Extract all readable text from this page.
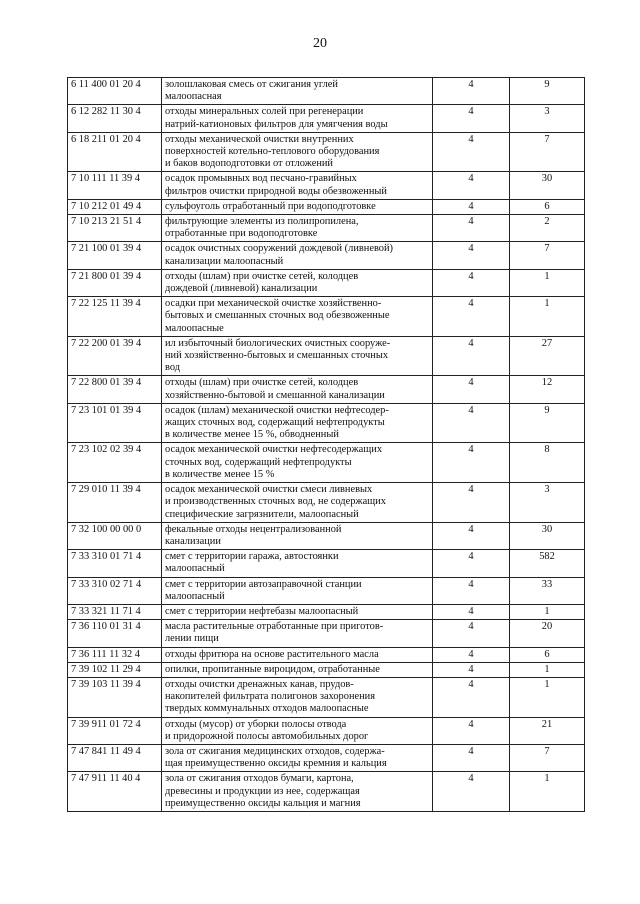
20
6 11 400 01 20 4	золошлаковая смесь от сжигания углей
малоопасная	4	9
6 12 282 11 30 4	отходы минеральных солей при регенерации
натрий-катионовых фильтров для умягчения воды	4	3
6 18 211 01 20 4	отходы механической очистки внутренних
поверхностей котельно-теплового оборудования
и баков водоподготовки от отложений	4	7
7 10 111 11 39 4	осадок промывных вод песчано-гравийных
фильтров очистки природной воды обезвоженный	4	30
7 10 212 01 49 4	сульфоуголь отработанный при водоподготовке	4	6
7 10 213 21 51 4	фильтрующие элементы из полипропилена,
отработанные при водоподготовке	4	2
7 21 100 01 39 4	осадок очистных сооружений дождевой (ливневой)
канализации малоопасный	4	7
7 21 800 01 39 4	отходы (шлам) при очистке сетей, колодцев
дождевой (ливневой) канализации	4	1
7 22 125 11 39 4	осадки при механической очистке хозяйственно-
бытовых и смешанных сточных вод обезвоженные
малоопасные	4	1
7 22 200 01 39 4	ил избыточный биологических очистных сооруже-
ний хозяйственно-бытовых и смешанных сточных
вод	4	27
7 22 800 01 39 4	отходы (шлам) при очистке сетей, колодцев
хозяйственно-бытовой и смешанной канализации	4	12
7 23 101 01 39 4	осадок (шлам) механической очистки нефтесодер-
жащих сточных вод, содержащий нефтепродукты
в количестве менее 15 %, обводненный	4	9
7 23 102 02 39 4	осадок механической очистки нефтесодержащих
сточных вод, содержащий нефтепродукты
в количестве менее 15 %	4	8
7 29 010 11 39 4	осадок механической очистки смеси ливневых
и производственных сточных вод, не содержащих
специфические загрязнители, малоопасный	4	3
7 32 100 00 00 0	фекальные отходы нецентрализованной
канализации	4	30
7 33 310 01 71 4	смет с территории гаража, автостоянки
малоопасный	4	582
7 33 310 02 71 4	смет с территории автозаправочной станции
малоопасный	4	33
7 33 321 11 71 4	смет с территории нефтебазы малоопасный	4	1
7 36 110 01 31 4	масла растительные отработанные при приготов-
лении пищи	4	20
7 36 111 11 32 4	отходы фритюра на основе растительного масла	4	6
7 39 102 11 29 4	опилки, пропитанные вироцидом, отработанные	4	1
7 39 103 11 39 4	отходы очистки дренажных канав, прудов-
накопителей фильтрата полигонов захоронения
твердых коммунальных отходов малоопасные	4	1
7 39 911 01 72 4	отходы (мусор) от уборки полосы отвода
и придорожной полосы автомобильных дорог	4	21
7 47 841 11 49 4	зола от сжигания медицинских отходов, содержа-
щая преимущественно оксиды кремния и кальция	4	7
7 47 911 11 40 4	зола от сжигания отходов бумаги, картона,
древесины и продукции из нее, содержащая
преимущественно оксиды кальция и магния	4	1
